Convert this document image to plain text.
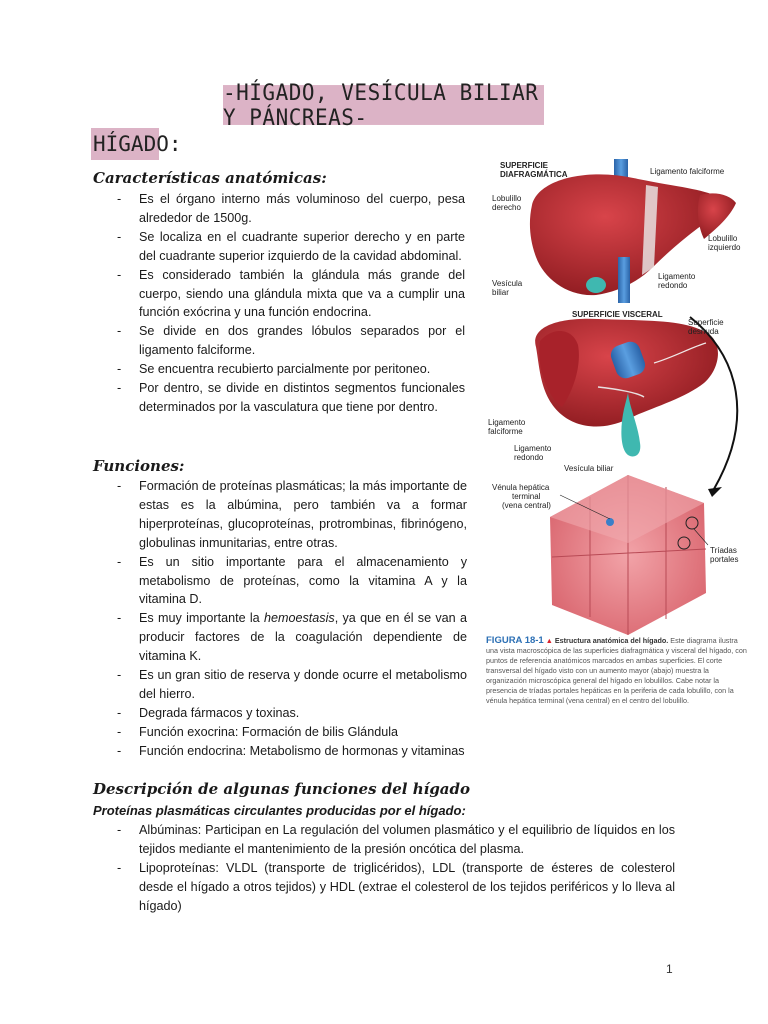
-HÍGADO, VESÍCULA BILIAR Y PÁNCREAS-
HÍGADO:
Características anatómicas:
- Es el órgano interno más voluminoso del cuerpo, pesa alrededor de 1500g.
- Se localiza en el cuadrante superior derecho y en parte del cuadrante superior izquierdo de la cavidad abdominal.
- Es considerado también la glándula más grande del cuerpo, siendo una glándula mixta que va a cumplir una función exócrina y una función endocrina.
- Se divide en dos grandes lóbulos separados por el ligamento falciforme.
- Se encuentra recubierto parcialmente por peritoneo.
- Por dentro, se divide en distintos segmentos funcionales determinados por la vasculatura que tiene por dentro.
Funciones:
- Formación de proteínas plasmáticas; la más importante de estas es la albúmina, pero también va a formar hiperproteínas, glucoproteínas, protrombinas, fibrinógeno, globulinas inmunitarias, entre otras.
- Es un sitio importante para el almacenamiento y metabolismo de proteínas, como la vitamina A y la vitamina D.
- Es muy importante la hemoestasis, ya que en él se van a producir factores de la coagulación dependiente de vitamina K.
- Es un gran sitio de reserva y donde ocurre el metabolismo del hierro.
- Degrada fármacos y toxinas.
- Función exocrina: Formación de bilis Glándula
- Función endocrina: Metabolismo de hormonas y vitaminas
Descripción de algunas funciones del hígado
Proteínas plasmáticas circulantes producidas por el hígado:
- Albúminas: Participan en La regulación del volumen plasmático y el equilibrio de líquidos en los tejidos mediante el mantenimiento de la presión oncótica del plasma.
- Lipoproteínas: VLDL (transporte de triglicéridos), LDL (transporte de ésteres de colesterol desde el hígado a otros tejidos) y HDL (extrae el colesterol de los tejidos periféricos y lo lleva al hígado)
SUPERFICIE
DIAFRAGMÁTICA	Ligamento falciforme
Lobulillo
derecho
Lobulillo
izquierdo
Ligamento
redondo
Vesícula
biliar
SUPERFICIE VISCERAL
Superficie
desnuda
Ligamento
falciforme
Ligamento
redondo
Vesícula biliar
Vénula hepática
terminal
(vena central)
Tríadas
portales
FIGURA 18-1 ▲ Estructura anatómica del hígado. Este diagrama ilustra una vista macroscópica de las superficies diafragmática y visceral del hígado, con puntos de referencia anatómicos marcados en ambas superficies. El corte transversal del hígado visto con un aumento mayor (abajo) muestra la organización microscópica general del hígado en lobulillos. Cabe notar la presencia de tríadas portales hepáticas en la periferia de cada lobulillo, con la vénula hepática terminal (vena central) en el centro del lobulillo.
1
